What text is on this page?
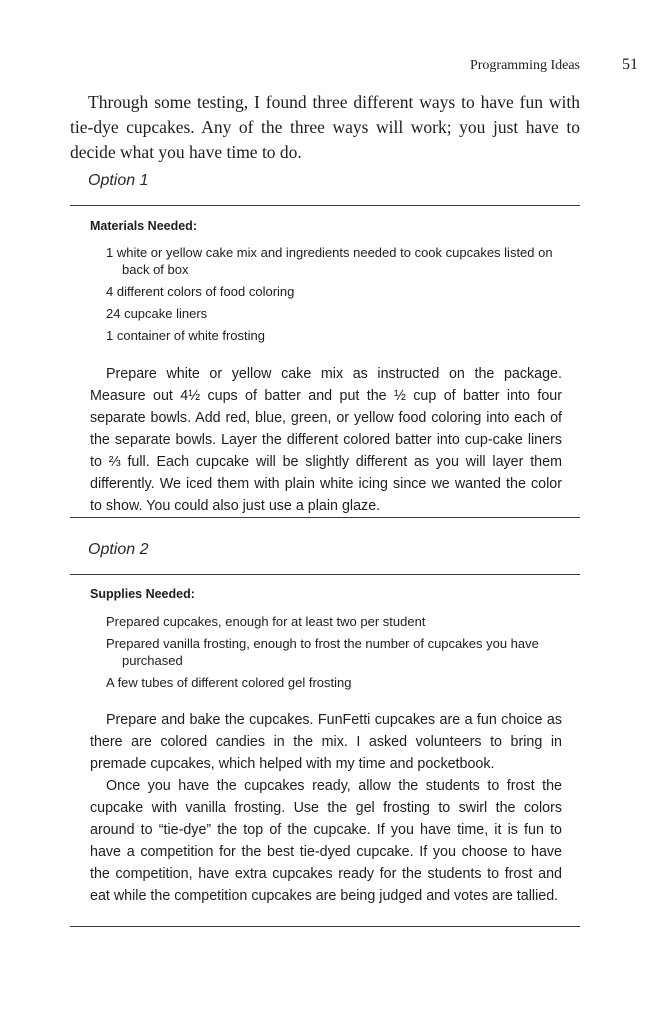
Programming Ideas	51

Through some testing, I found three different ways to have fun with tie-dye cupcakes. Any of the three ways will work; you just have to decide what you have time to do.

Option 1
Materials Needed:
1 white or yellow cake mix and ingredients needed to cook cupcakes listed on back of box
4 different colors of food coloring
24 cupcake liners
1 container of white frosting

Prepare white or yellow cake mix as instructed on the package. Measure out 4½ cups of batter and put the ½ cup of batter into four separate bowls. Add red, blue, green, or yellow food coloring into each of the separate bowls. Layer the different colored batter into cup-cake liners to ⅔ full. Each cupcake will be slightly different as you will layer them differently. We iced them with plain white icing since we wanted the color to show. You could also just use a plain glaze.

Option 2
Supplies Needed:
Prepared cupcakes, enough for at least two per student
Prepared vanilla frosting, enough to frost the number of cupcakes you have purchased
A few tubes of different colored gel frosting

Prepare and bake the cupcakes. FunFetti cupcakes are a fun choice as there are colored candies in the mix. I asked volunteers to bring in premade cupcakes, which helped with my time and pocketbook.

Once you have the cupcakes ready, allow the students to frost the cupcake with vanilla frosting. Use the gel frosting to swirl the colors around to “tie-dye” the top of the cupcake. If you have time, it is fun to have a competition for the best tie-dyed cupcake. If you choose to have the competition, have extra cupcakes ready for the students to frost and eat while the competition cupcakes are being judged and votes are tallied.
